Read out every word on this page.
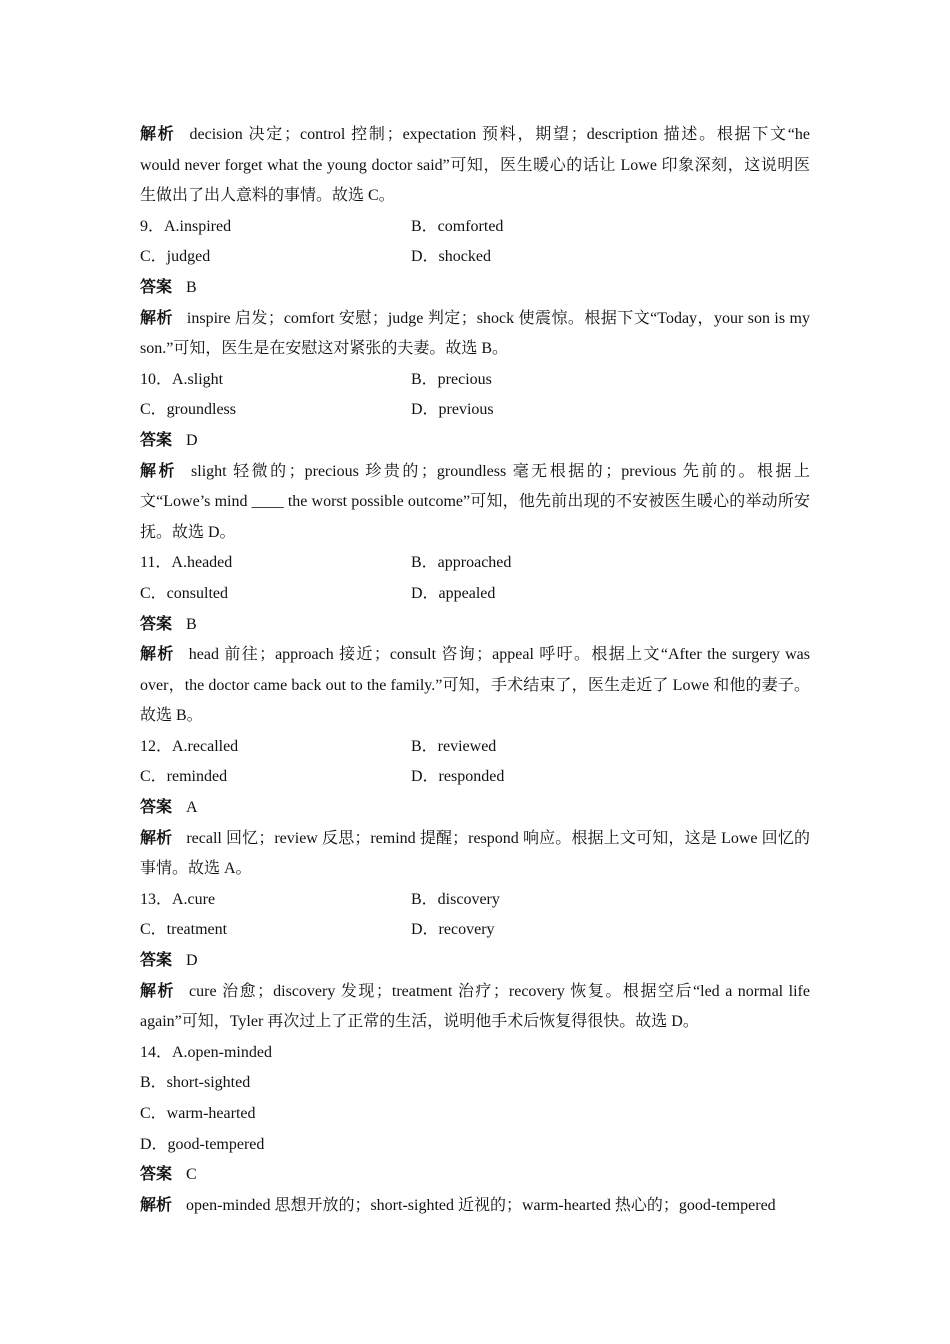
解析 decision 决定；control 控制；expectation 预料，期望；description 描述。根据下文“he would never forget what the young doctor said”可知，医生暖心的话让 Lowe 印象深刻，这说明医生做出了出人意料的事情。故选 C。
9．A.inspired	B．comforted
C．judged	D．shocked
答案 B
解析 inspire 启发；comfort 安慰；judge 判定；shock 使震惊。根据下文“Today，your son is my son.”可知，医生是在安慰这对紧张的夫妻。故选 B。
10．A.slight	B．precious
C．groundless	D．previous
答案 D
解析 slight 轻微的；precious 珍贵的；groundless 毫无根据的；previous 先前的。根据上文“Lowe’s mind ____ the worst possible outcome”可知，他先前出现的不安被医生暖心的举动所安抚。故选 D。
11．A.headed	B．approached
C．consulted	D．appealed
答案 B
解析 head 前往；approach 接近；consult 咨询；appeal 呼吁。根据上文“After the surgery was over，the doctor came back out to the family.”可知，手术结束了，医生走近了 Lowe 和他的妻子。故选 B。
12．A.recalled	B．reviewed
C．reminded	D．responded
答案 A
解析 recall 回忆；review 反思；remind 提醒；respond 响应。根据上文可知，这是 Lowe 回忆的事情。故选 A。
13．A.cure	B．discovery
C．treatment	D．recovery
答案 D
解析 cure 治愈；discovery 发现；treatment 治疗；recovery 恢复。根据空后“led a normal life again”可知，Tyler 再次过上了正常的生活，说明他手术后恢复得很快。故选 D。
14．A.open-minded
B．short-sighted
C．warm-hearted
D．good-tempered
答案 C
解析 open-minded 思想开放的；short-sighted 近视的；warm-hearted 热心的；good-tempered
